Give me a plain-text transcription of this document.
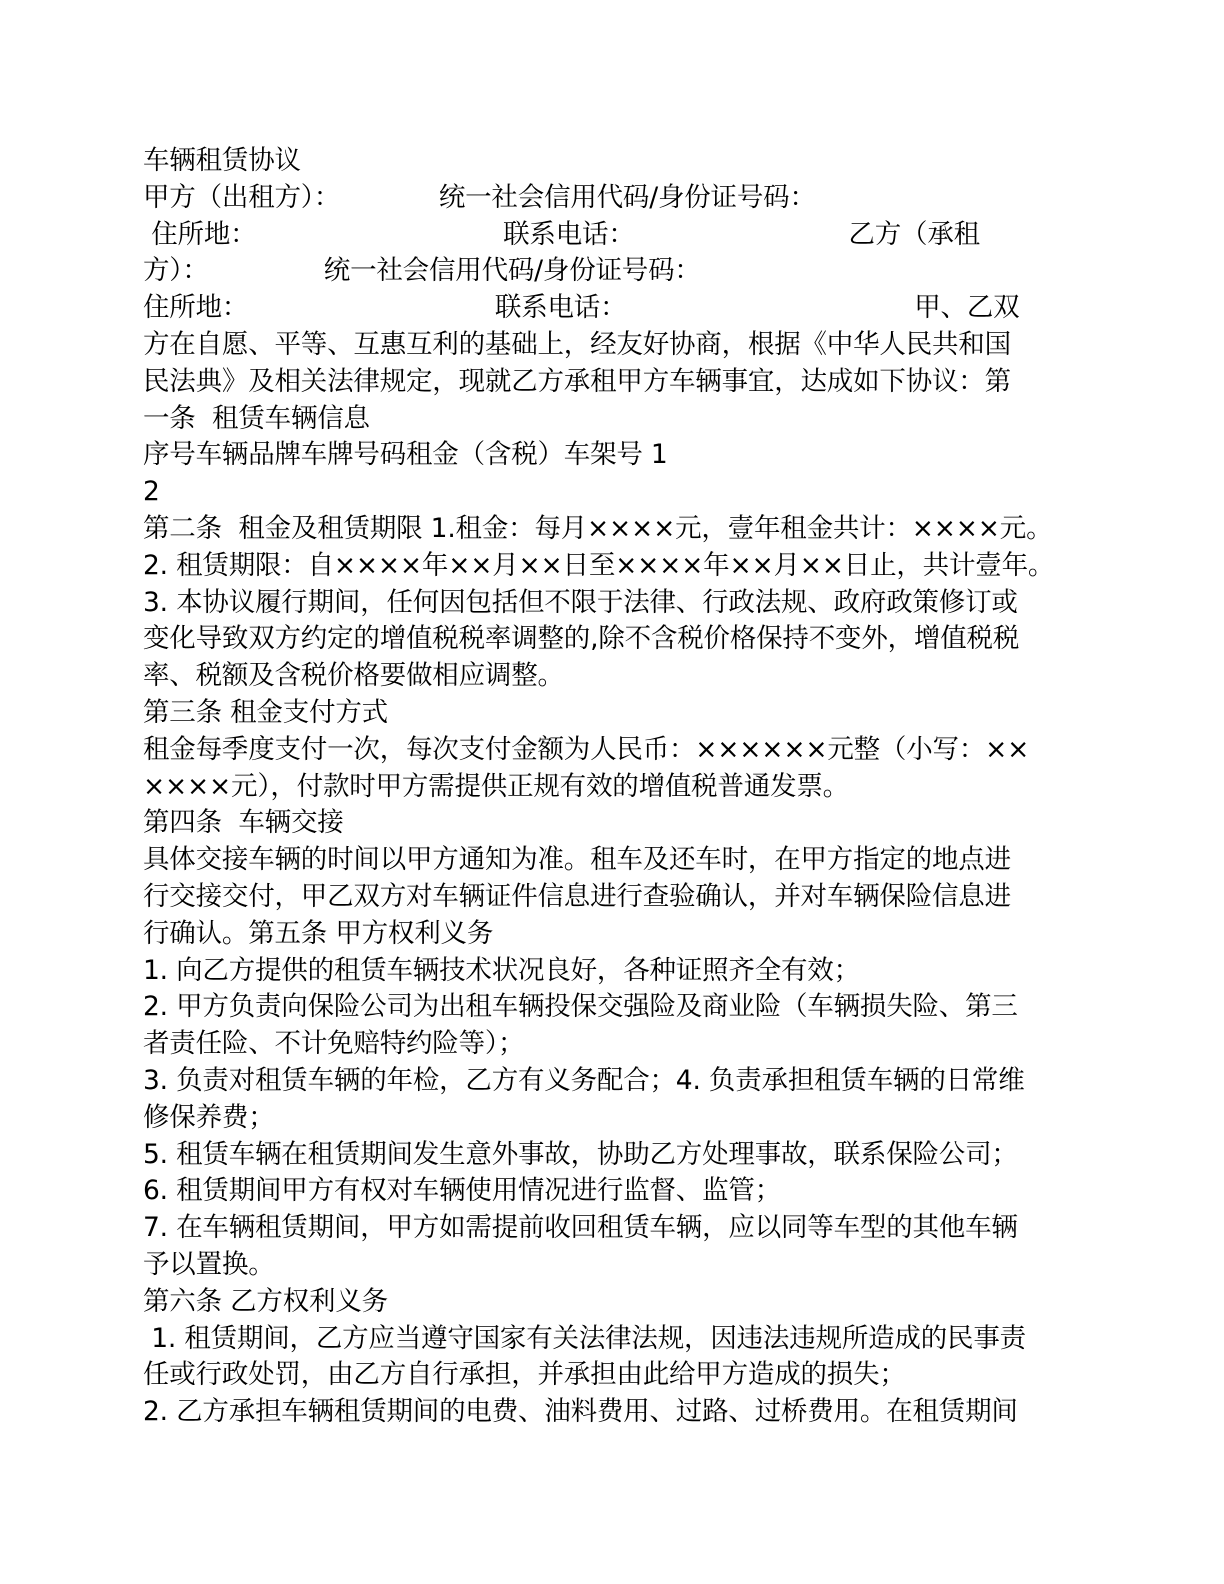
车辆租赁协议
甲方（出租方）：            统一社会信用代码/身份证号码：
住所地：                              联系电话：                          乙方（承租
方）：              统一社会信用代码/身份证号码：
住所地：                              联系电话：                                   甲、乙双
方在自愿、平等、互惠互利的基础上，经友好协商，根据《中华人民共和国
民法典》及相关法律规定，现就乙方承租甲方车辆事宜，达成如下协议：第
一条  租赁车辆信息
序号车辆品牌车牌号码租金（含税）车架号 1
2
第二条  租金及租赁期限 1.租金：每月××××元，壹年租金共计：××××元。
2. 租赁期限：自××××年××月××日至××××年××月××日止，共计壹年。
3. 本协议履行期间，任何因包括但不限于法律、行政法规、政府政策修订或
变化导致双方约定的增值税税率调整的,除不含税价格保持不变外，增值税税
率、税额及含税价格要做相应调整。
第三条 租金支付方式
租金每季度支付一次，每次支付金额为人民币：××××××元整（小写：××
××××元），付款时甲方需提供正规有效的增值税普通发票。
第四条  车辆交接
具体交接车辆的时间以甲方通知为准。租车及还车时，在甲方指定的地点进
行交接交付，甲乙双方对车辆证件信息进行查验确认，并对车辆保险信息进
行确认。第五条 甲方权利义务
1. 向乙方提供的租赁车辆技术状况良好，各种证照齐全有效；
2. 甲方负责向保险公司为出租车辆投保交强险及商业险（车辆损失险、第三
者责任险、不计免赔特约险等）；
3. 负责对租赁车辆的年检，乙方有义务配合；4. 负责承担租赁车辆的日常维
修保养费；
5. 租赁车辆在租赁期间发生意外事故，协助乙方处理事故，联系保险公司；
6. 租赁期间甲方有权对车辆使用情况进行监督、监管；
7. 在车辆租赁期间，甲方如需提前收回租赁车辆，应以同等车型的其他车辆
予以置换。
第六条 乙方权利义务
1. 租赁期间，乙方应当遵守国家有关法律法规，因违法违规所造成的民事责
任或行政处罚，由乙方自行承担，并承担由此给甲方造成的损失；
2. 乙方承担车辆租赁期间的电费、油料费用、过路、过桥费用。在租赁期间
